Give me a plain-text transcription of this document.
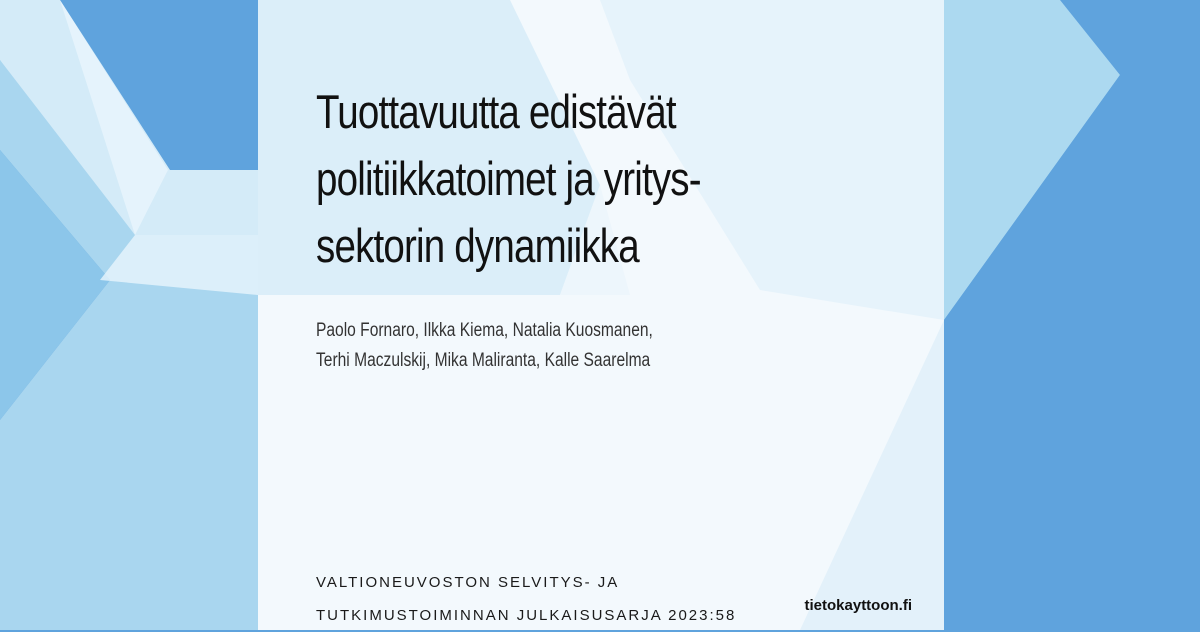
Tuottavuutta edistävät
politiikkatoimet ja yritys-
sektorin dynamiikka
Paolo Fornaro, Ilkka Kiema, Natalia Kuosmanen,
Terhi Maczulskij, Mika Maliranta, Kalle Saarelma
VALTIONEUVOSTON SELVITYS- JA
TUTKIMUSTOIMINNAN JULKAISUSARJA 2023:58
tietokayttoon.fi
